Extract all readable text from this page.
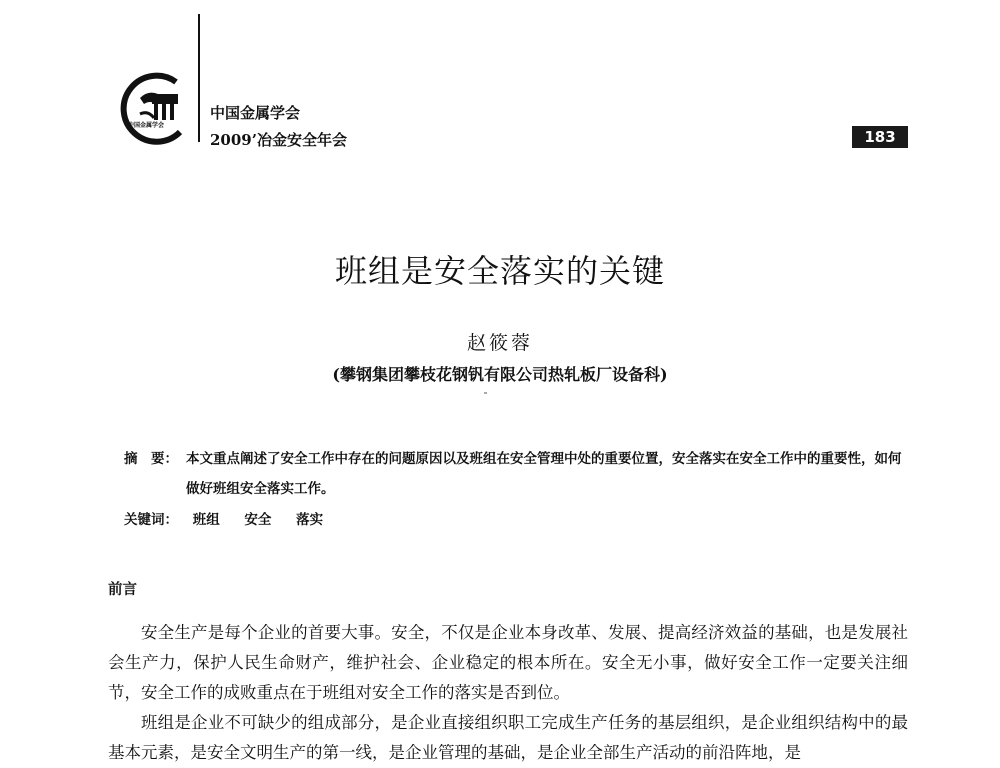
中国金属学会
中国金属学会
2009’冶金安全年会	183
班组是安全落实的关键
赵筱蓉
(攀钢集团攀枝花钢钒有限公司热轧板厂设备科)
摘　要： 本文重点阐述了安全工作中存在的问题原因以及班组在安全管理中处的重要位置，安全落实在安全工作中的重要性，如何做好班组安全落实工作。
关键词： 班组 安全 落实
前言

安全生产是每个企业的首要大事。安全，不仅是企业本身改革、发展、提高经济效益的基础，也是发展社会生产力，保护人民生命财产，维护社会、企业稳定的根本所在。安全无小事，做好安全工作一定要关注细节，安全工作的成败重点在于班组对安全工作的落实是否到位。

班组是企业不可缺少的组成部分，是企业直接组织职工完成生产任务的基层组织，是企业组织结构中的最基本元素，是安全文明生产的第一线，是企业管理的基础，是企业全部生产活动的前沿阵地，是
